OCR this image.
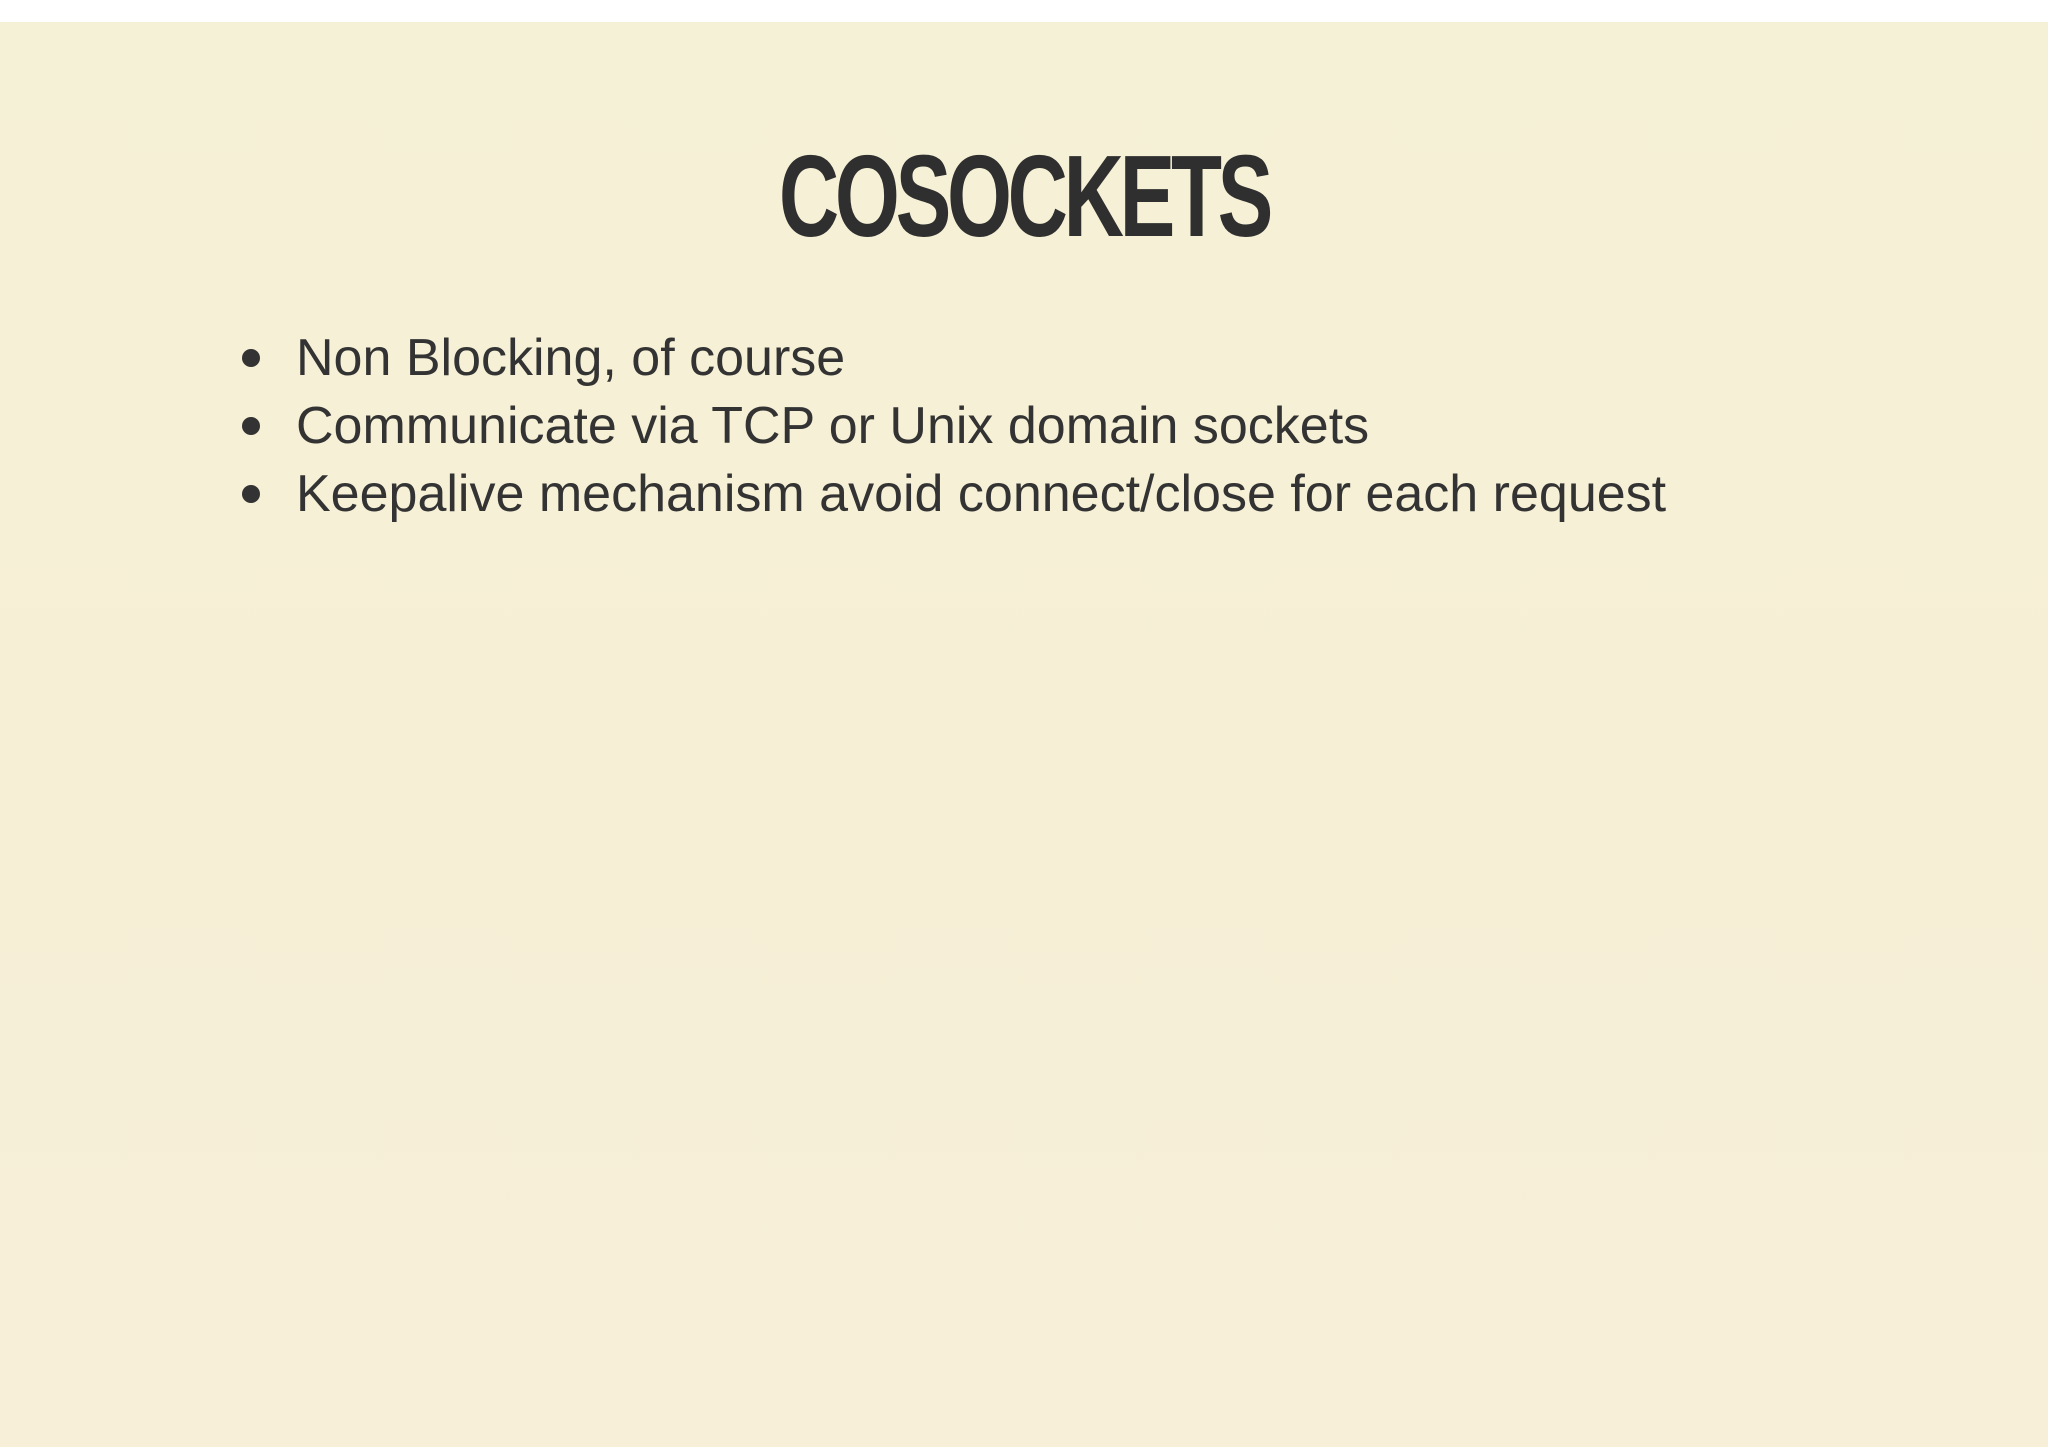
COSOCKETS
Non Blocking, of course
Communicate via TCP or Unix domain sockets
Keepalive mechanism avoid connect/close for each request
